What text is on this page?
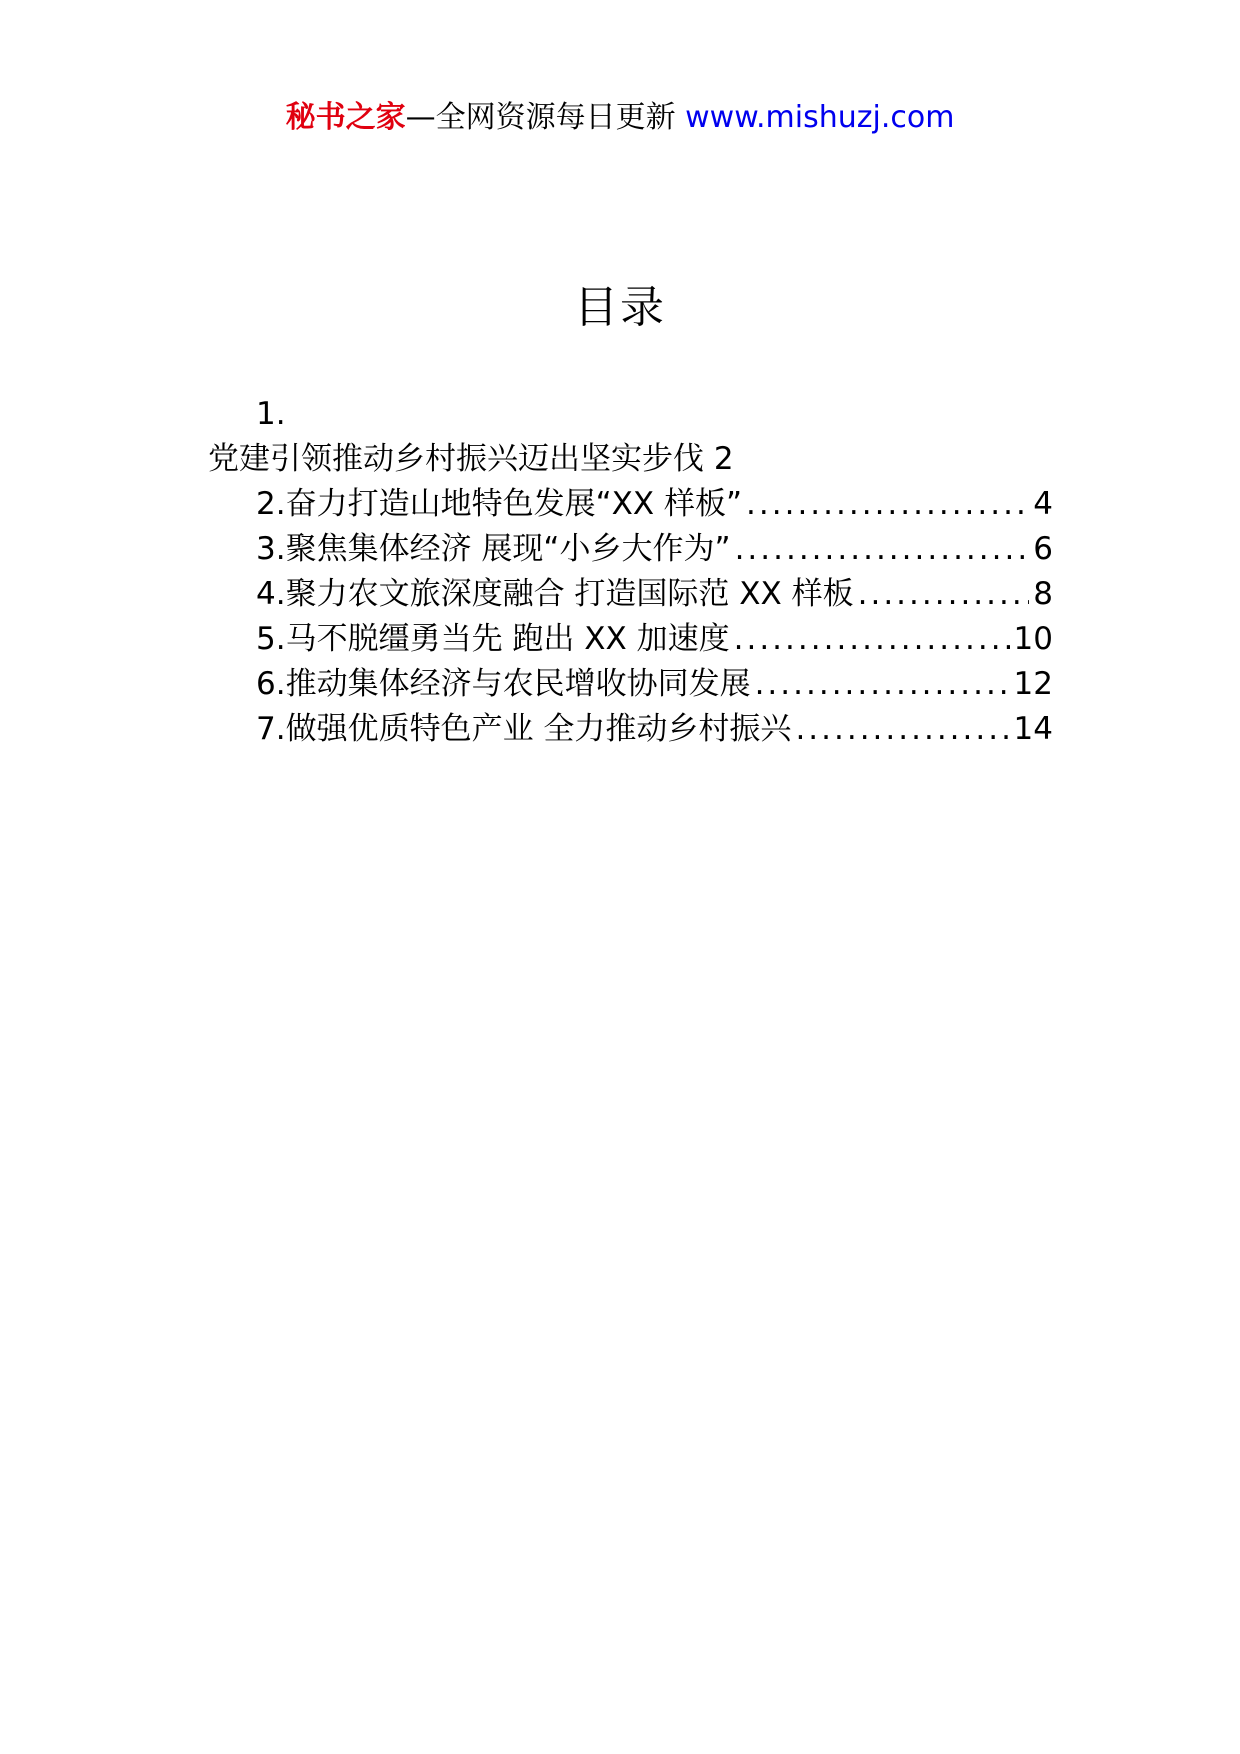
秘书之家—全网资源每日更新 www.mishuzj.com
目录
1.
党建引领推动乡村振兴迈出坚实步伐 2
2.奋力打造山地特色发展“XX 样板” .....	4
3.聚焦集体经济 展现“小乡大作为” .....	6
4.聚力农文旅深度融合 打造国际范 XX 样板 .....	8
5.马不脱缰勇当先 跑出 XX 加速度 .....	10
6.推动集体经济与农民增收协同发展 .....	12
7.做强优质特色产业 全力推动乡村振兴 .....	14
